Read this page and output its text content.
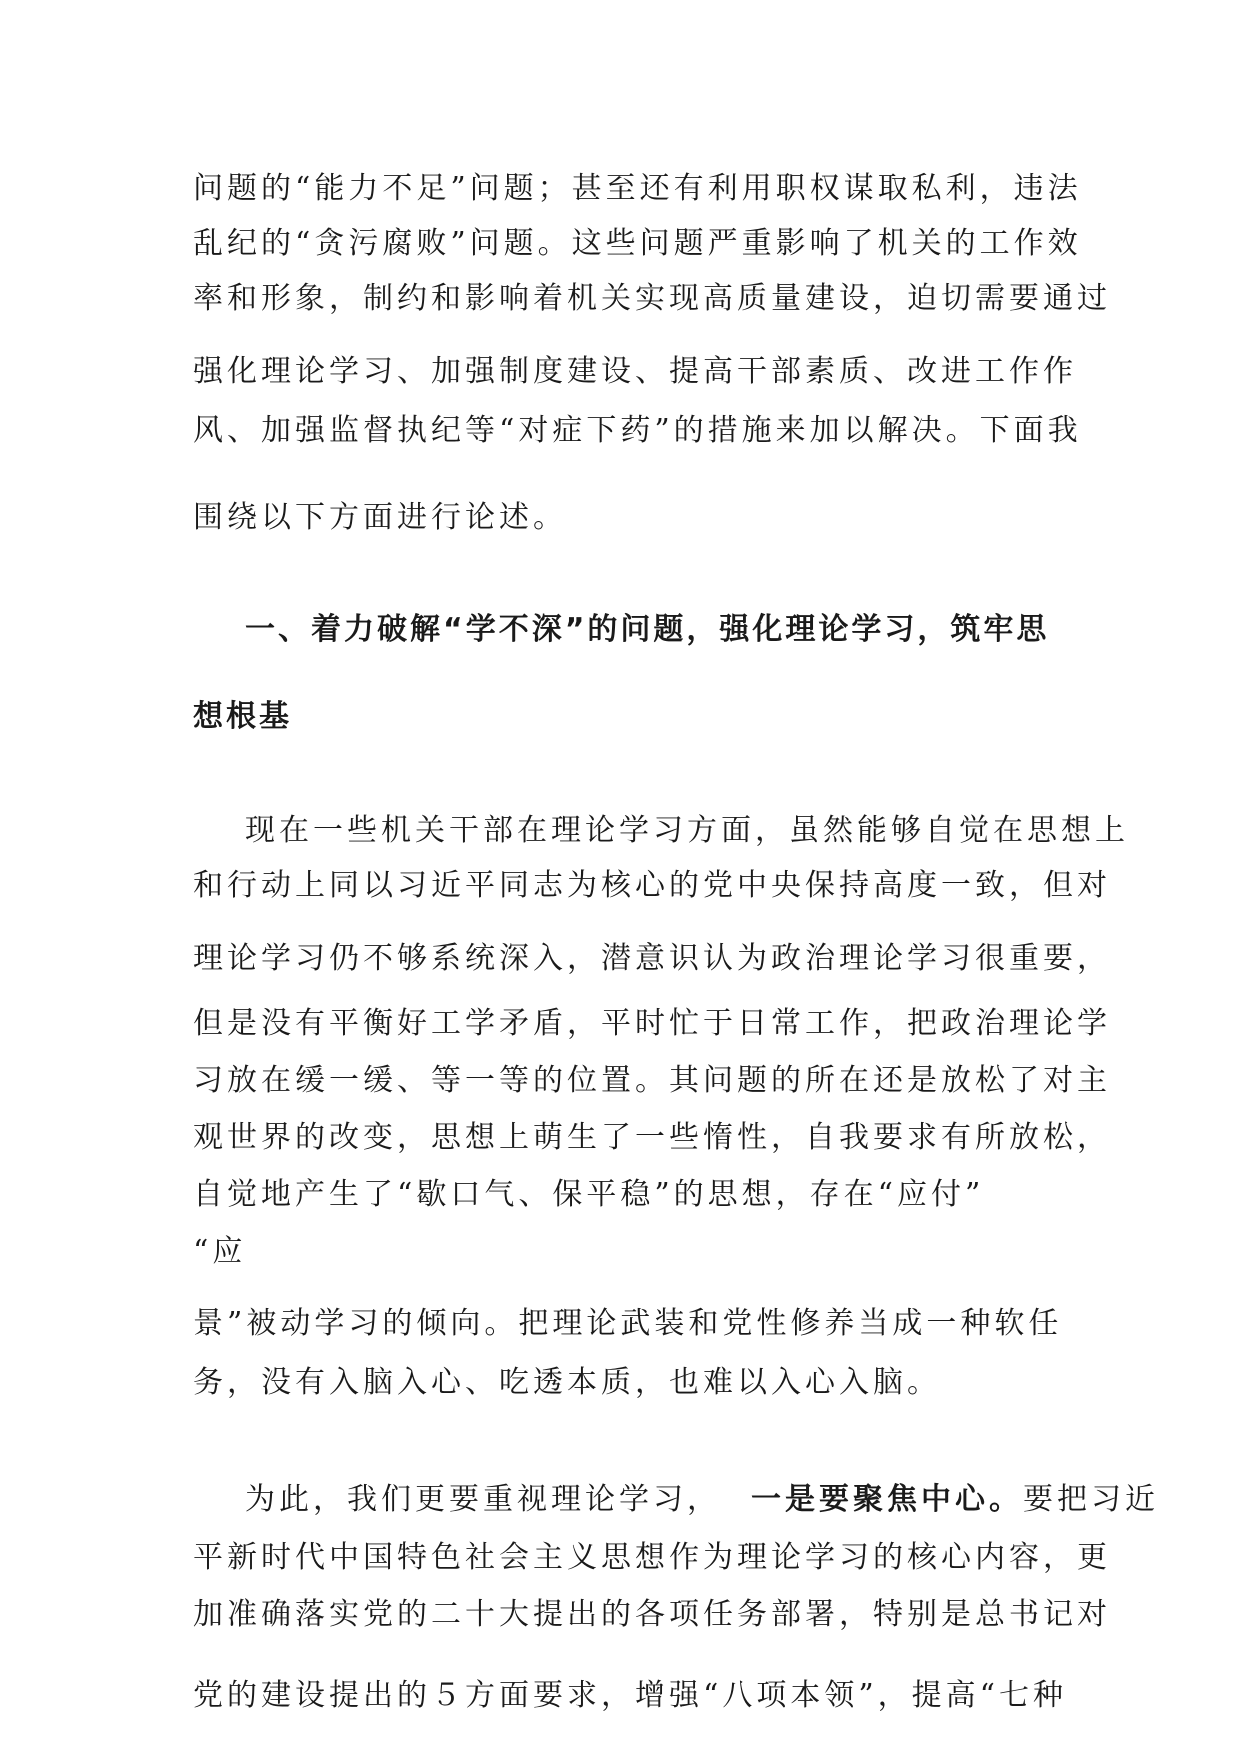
问题的“能力不足”问题；甚至还有利用职权谋取私利，违法
乱纪的“贪污腐败”问题。这些问题严重影响了机关的工作效
率和形象，制约和影响着机关实现高质量建设，迫切需要通过
强化理论学习、加强制度建设、提高干部素质、改进工作作
风、加强监督执纪等“对症下药”的措施来加以解决。下面我
围绕以下方面进行论述。
一、着力破解“学不深”的问题，强化理论学习，筑牢思
想根基
现在一些机关干部在理论学习方面，虽然能够自觉在思想上
和行动上同以习近平同志为核心的党中央保持高度一致，但对
理论学习仍不够系统深入，潜意识认为政治理论学习很重要，
但是没有平衡好工学矛盾，平时忙于日常工作，把政治理论学
习放在缓一缓、等一等的位置。其问题的所在还是放松了对主
观世界的改变，思想上萌生了一些惰性，自我要求有所放松，
自觉地产生了“歇口气、保平稳”的思想，存在“应付”
“应
景”被动学习的倾向。把理论武装和党性修养当成一种软任
务，没有入脑入心、吃透本质，也难以入心入脑。
为此，我们更要重视理论学习， 一是要聚焦中心。要把习近
平新时代中国特色社会主义思想作为理论学习的核心内容，更
加准确落实党的二十大提出的各项任务部署，特别是总书记对
党的建设提出的５方面要求，增强“八项本领”，提高“七种
